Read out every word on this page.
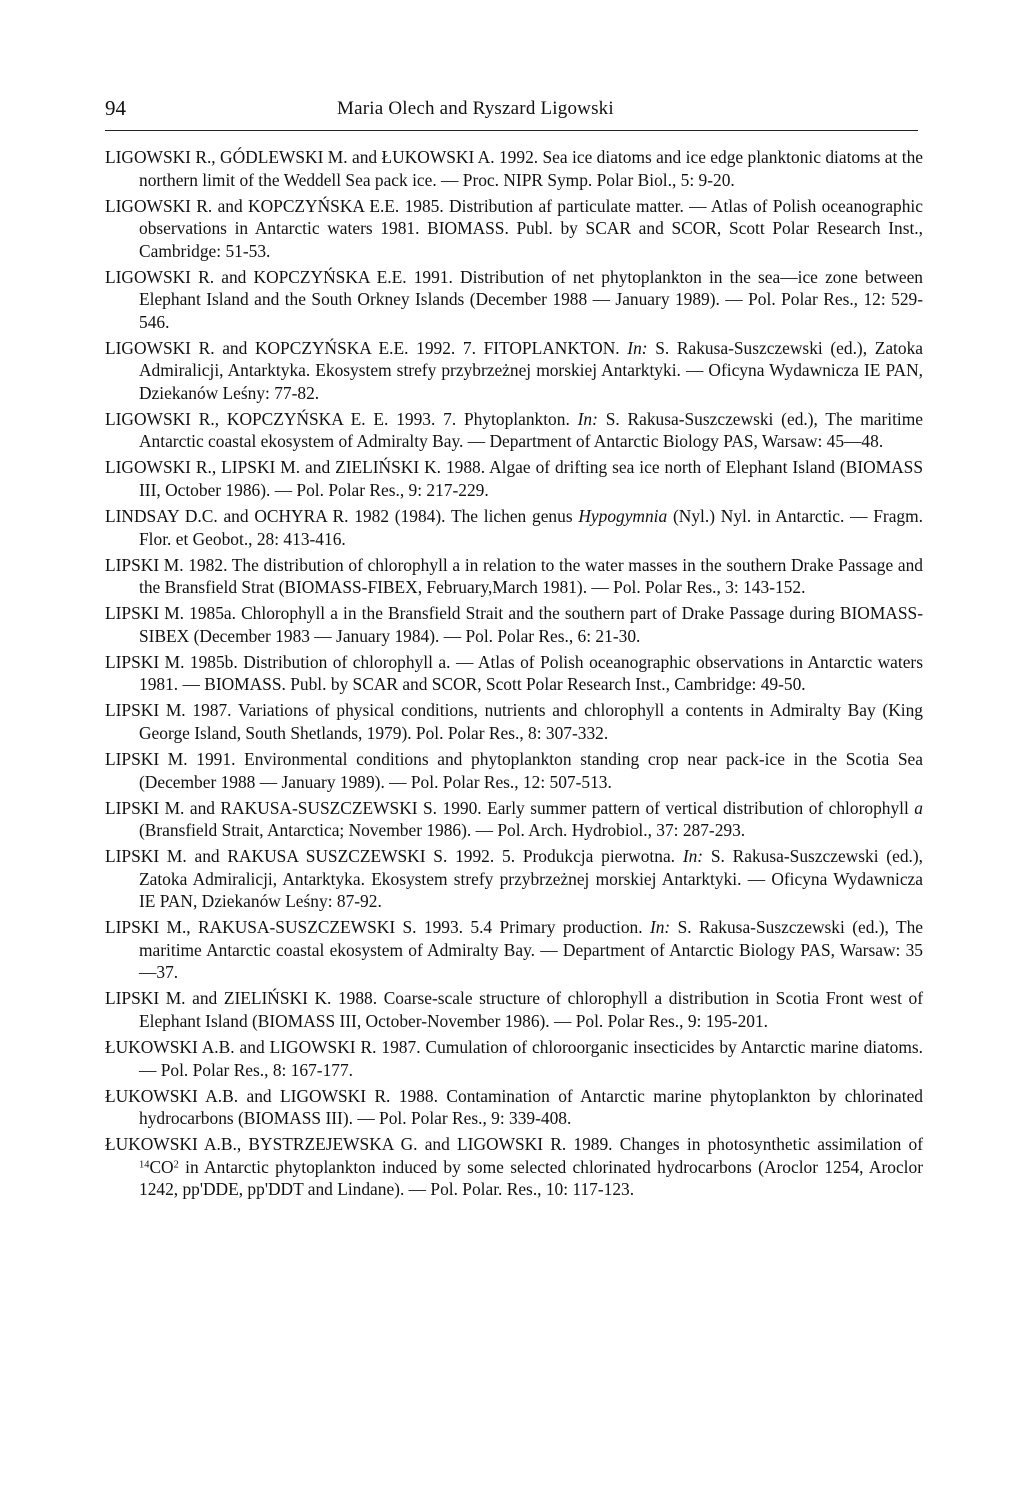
94	Maria Olech and Ryszard Ligowski

LIGOWSKI R., GÓDLEWSKI M. and ŁUKOWSKI A. 1992. Sea ice diatoms and ice edge planktonic diatoms at the northern limit of the Weddell Sea pack ice. — Proc. NIPR Symp. Polar Biol., 5: 9-20.

LIGOWSKI R. and KOPCZYŃSKA E.E. 1985. Distribution af particulate matter. — Atlas of Polish oceanographic observations in Antarctic waters 1981. BIOMASS. Publ. by SCAR and SCOR, Scott Polar Research Inst., Cambridge: 51-53.

LIGOWSKI R. and KOPCZYŃSKA E.E. 1991. Distribution of net phytoplankton in the sea—ice zone between Elephant Island and the South Orkney Islands (December 1988 — January 1989). — Pol. Polar Res., 12: 529-546.

LIGOWSKI R. and KOPCZYŃSKA E.E. 1992. 7. FITOPLANKTON. In: S. Rakusa-Suszczewski (ed.), Zatoka Admiralicji, Antarktyka. Ekosystem strefy przybrzeżnej morskiej Antarktyki. — Oficyna Wydawnicza IE PAN, Dziekanów Leśny: 77-82.

LIGOWSKI R., KOPCZYŃSKA E. E. 1993. 7. Phytoplankton. In: S. Rakusa-Suszczewski (ed.), The maritime Antarctic coastal ekosystem of Admiralty Bay. — Department of Antarctic Biology PAS, Warsaw: 45—48.

LIGOWSKI R., LIPSKI M. and ZIELIŃSKI K. 1988. Algae of drifting sea ice north of Elephant Island (BIOMASS III, October 1986). — Pol. Polar Res., 9: 217-229.

LINDSAY D.C. and OCHYRA R. 1982 (1984). The lichen genus Hypogymnia (Nyl.) Nyl. in Antarctic. — Fragm. Flor. et Geobot., 28: 413-416.

LIPSKI M. 1982. The distribution of chlorophyll a in relation to the water masses in the southern Drake Passage and the Bransfield Strat (BIOMASS-FIBEX, February,March 1981). — Pol. Polar Res., 3: 143-152.

LIPSKI M. 1985a. Chlorophyll a in the Bransfield Strait and the southern part of Drake Passage during BIOMASS-SIBEX (December 1983 — January 1984). — Pol. Polar Res., 6: 21-30.

LIPSKI M. 1985b. Distribution of chlorophyll a. — Atlas of Polish oceanographic observations in Antarctic waters 1981. — BIOMASS. Publ. by SCAR and SCOR, Scott Polar Research Inst., Cambridge: 49-50.

LIPSKI M. 1987. Variations of physical conditions, nutrients and chlorophyll a contents in Admiralty Bay (King George Island, South Shetlands, 1979). Pol. Polar Res., 8: 307-332.

LIPSKI M. 1991. Environmental conditions and phytoplankton standing crop near pack-ice in the Scotia Sea (December 1988 — January 1989). — Pol. Polar Res., 12: 507-513.

LIPSKI M. and RAKUSA-SUSZCZEWSKI S. 1990. Early summer pattern of vertical distribution of chlorophyll a (Bransfield Strait, Antarctica; November 1986). — Pol. Arch. Hydrobiol., 37: 287-293.

LIPSKI M. and RAKUSA SUSZCZEWSKI S. 1992. 5. Produkcja pierwotna. In: S. Rakusa-Suszczewski (ed.), Zatoka Admiralicji, Antarktyka. Ekosystem strefy przybrzeżnej morskiej Antarktyki. — Oficyna Wydawnicza IE PAN, Dziekanów Leśny: 87-92.

LIPSKI M., RAKUSA-SUSZCZEWSKI S. 1993. 5.4 Primary production. In: S. Rakusa-Suszczewski (ed.), The maritime Antarctic coastal ekosystem of Admiralty Bay. — Department of Antarctic Biology PAS, Warsaw: 35—37.

LIPSKI M. and ZIELIŃSKI K. 1988. Coarse-scale structure of chlorophyll a distribution in Scotia Front west of Elephant Island (BIOMASS III, October-November 1986). — Pol. Polar Res., 9: 195-201.

ŁUKOWSKI A.B. and LIGOWSKI R. 1987. Cumulation of chloroorganic insecticides by Antarctic marine diatoms. — Pol. Polar Res., 8: 167-177.

ŁUKOWSKI A.B. and LIGOWSKI R. 1988. Contamination of Antarctic marine phytoplankton by chlorinated hydrocarbons (BIOMASS III). — Pol. Polar Res., 9: 339-408.

ŁUKOWSKI A.B., BYSTRZEJEWSKA G. and LIGOWSKI R. 1989. Changes in photosynthetic assimilation of $^{14}CO^2$ in Antarctic phytoplankton induced by some selected chlorinated hydrocarbons (Aroclor 1254, Aroclor 1242, pp'DDE, pp'DDT and Lindane). — Pol. Polar. Res., 10: 117-123.
